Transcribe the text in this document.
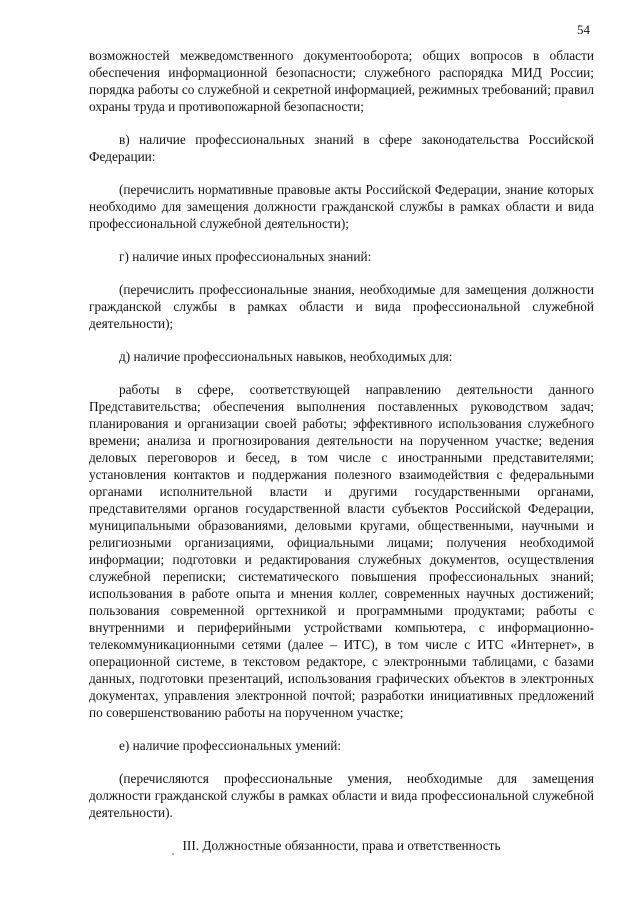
54

возможностей межведомственного документооборота; общих вопросов в области обеспечения информационной безопасности; служебного распорядка МИД России; порядка работы со служебной и секретной информацией, режимных требований; правил охраны труда и противопожарной безопасности;

в) наличие профессиональных знаний в сфере законодательства Российской Федерации:

(перечислить нормативные правовые акты Российской Федерации, знание которых необходимо для замещения должности гражданской службы в рамках области и вида профессиональной служебной деятельности);

г) наличие иных профессиональных знаний:

(перечислить профессиональные знания, необходимые для замещения должности гражданской службы в рамках области и вида профессиональной служебной деятельности);

д) наличие профессиональных навыков, необходимых для:

работы в сфере, соответствующей направлению деятельности данного Представительства; обеспечения выполнения поставленных руководством задач; планирования и организации своей работы; эффективного использования служебного времени; анализа и прогнозирования деятельности на порученном участке; ведения деловых переговоров и бесед, в том числе с иностранными представителями; установления контактов и поддержания полезного взаимодействия с федеральными органами исполнительной власти и другими государственными органами, представителями органов государственной власти субъектов Российской Федерации, муниципальными образованиями, деловыми кругами, общественными, научными и религиозными организациями, официальными лицами; получения необходимой информации; подготовки и редактирования служебных документов, осуществления служебной переписки; систематического повышения профессиональных знаний; использования в работе опыта и мнения коллег, современных научных достижений; пользования современной оргтехникой и программными продуктами; работы с внутренними и периферийными устройствами компьютера, с информационно-телекоммуникационными сетями (далее – ИТС), в том числе с ИТС «Интернет», в операционной системе, в текстовом редакторе, с электронными таблицами, с базами данных, подготовки презентаций, использования графических объектов в электронных документах, управления электронной почтой; разработки инициативных предложений по совершенствованию работы на порученном участке;

е) наличие профессиональных умений:

(перечисляются профессиональные умения, необходимые для замещения должности гражданской службы в рамках области и вида профессиональной служебной деятельности).

III. Должностные обязанности, права и ответственность
